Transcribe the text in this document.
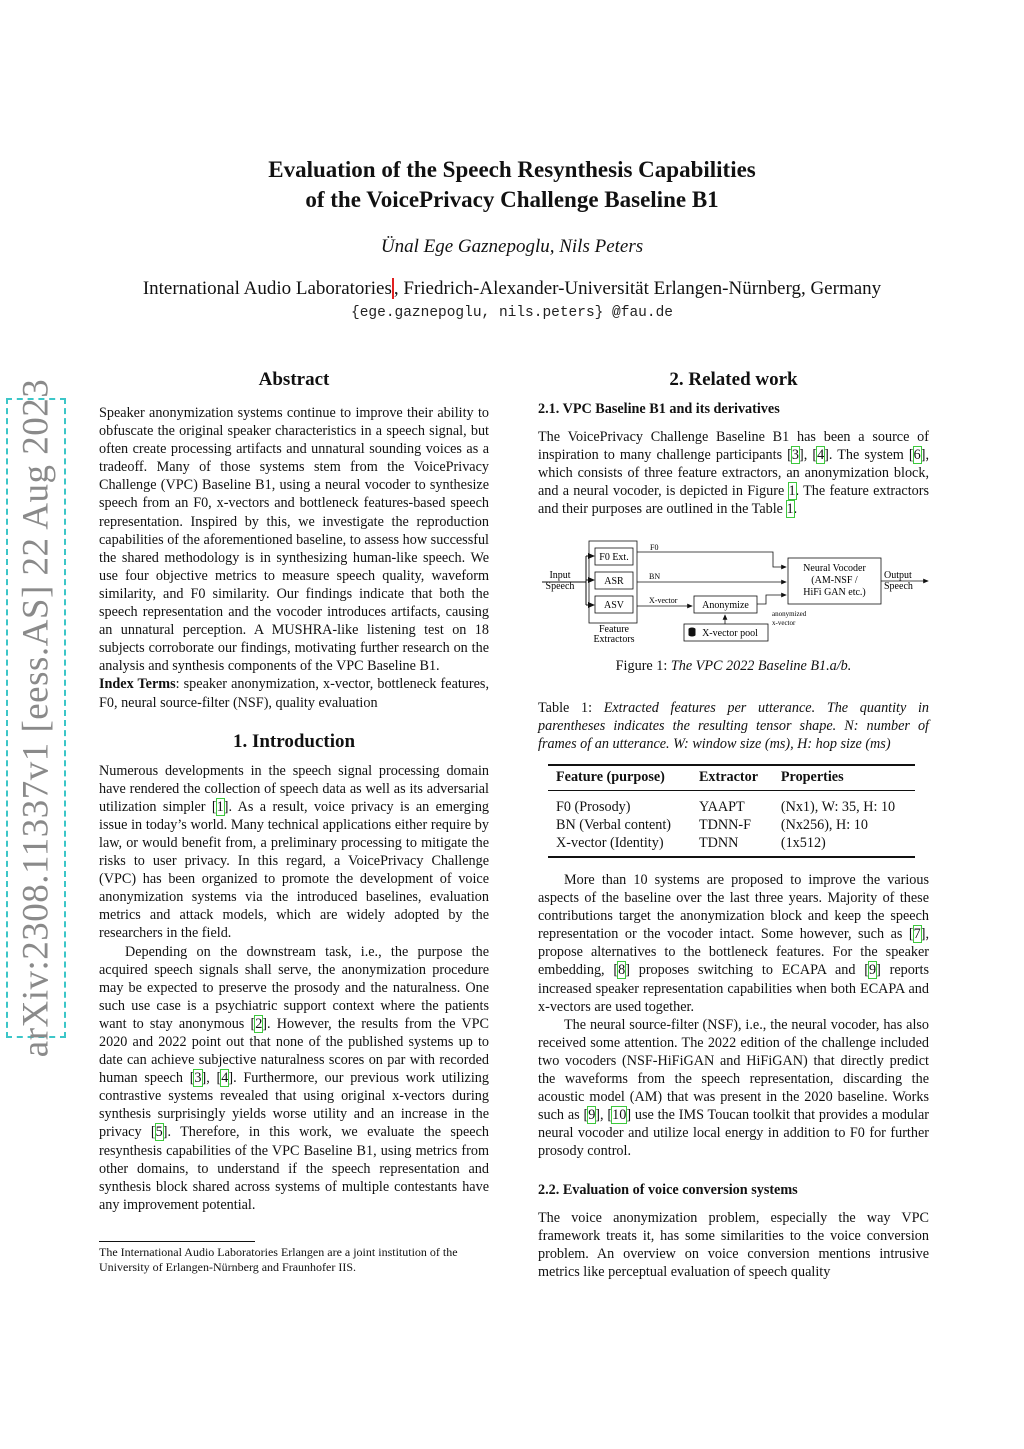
arXiv:2308.11337v1 [eess.AS] 22 Aug 2023
Evaluation of the Speech Resynthesis Capabilities
of the VoicePrivacy Challenge Baseline B1
Ünal Ege Gaznepoglu, Nils Peters
International Audio Laboratories , Friedrich-Alexander-Universität Erlangen-Nürnberg, Germany
{ege.gaznepoglu, nils.peters} @fau.de
Abstract

Speaker anonymization systems continue to improve their ability to obfuscate the original speaker characteristics in a speech signal, but often create processing artifacts and unnatural sounding voices as a tradeoff. Many of those systems stem from the VoicePrivacy Challenge (VPC) Baseline B1, using a neural vocoder to synthesize speech from an F0, x-vectors and bottleneck features-based speech representation. Inspired by this, we investigate the reproduction capabilities of the aforementioned baseline, to assess how successful the shared methodology is in synthesizing human-like speech. We use four objective metrics to measure speech quality, waveform similarity, and F0 similarity. Our findings indicate that both the speech representation and the vocoder introduces artifacts, causing an unnatural perception. A MUSHRA-like listening test on 18 subjects corroborate our findings, motivating further research on the analysis and synthesis components of the VPC Baseline B1.

Index Terms: speaker anonymization, x-vector, bottleneck features, F0, neural source-filter (NSF), quality evaluation

1. Introduction

Numerous developments in the speech signal processing domain have rendered the collection of speech data as well as its adversarial utilization simpler [1]. As a result, voice privacy is an emerging issue in today’s world. Many technical applications either require by law, or would benefit from, a preliminary processing to mitigate the risks to user privacy. In this regard, a VoicePrivacy Challenge (VPC) has been organized to promote the development of voice anonymization systems via the introduced baselines, evaluation metrics and attack models, which are widely adopted by the researchers in the field.

Depending on the downstream task, i.e., the purpose the acquired speech signals shall serve, the anonymization procedure may be expected to preserve the prosody and the naturalness. One such use case is a psychiatric support context where the patients want to stay anonymous [2]. However, the results from the VPC 2020 and 2022 point out that none of the published systems up to date can achieve subjective naturalness scores on par with recorded human speech [3], [4]. Furthermore, our previous work utilizing contrastive systems revealed that using original x-vectors during synthesis surprisingly yields worse utility and an increase in the privacy [5]. Therefore, in this work, we evaluate the speech resynthesis capabilities of the VPC Baseline B1, using metrics from other domains, to understand if the speech representation and synthesis block shared across systems of multiple contestants have any improvement potential.

The International Audio Laboratories Erlangen are a joint institution of the University of Erlangen-Nürnberg and Fraunhofer IIS.
2. Related work
2.1. VPC Baseline B1 and its derivatives

The VoicePrivacy Challenge Baseline B1 has been a source of inspiration to many challenge participants [3], [4]. The system [6], which consists of three feature extractors, an anonymization block, and a neural vocoder, is depicted in Figure 1. The feature extractors and their purposes are outlined in the Table 1.

Input
Speech
F0 Ext.
ASR
ASV
Feature
Extractors
F0
BN
X-vector Anonymize
anonymized
x-vector
X-vector pool
Neural Vocoder
(AM-NSF /
HiFi GAN etc.)
Output
Speech
Figure 1: The VPC 2022 Baseline B1.a/b.
Table 1: Extracted features per utterance. The quantity in parentheses indicates the resulting tensor shape. N: number of frames of an utterance. W: window size (ms), H: hop size (ms)
Feature (purpose)	Extractor	Properties
F0 (Prosody)	YAAPT	(Nx1), W: 35, H: 10
BN (Verbal content)	TDNN-F	(Nx256), H: 10
X-vector (Identity)	TDNN	(1x512)

More than 10 systems are proposed to improve the various aspects of the baseline over the last three years. Majority of these contributions target the anonymization block and keep the speech representation or the vocoder intact. Some however, such as [7], propose alternatives to the bottleneck features. For the speaker embedding, [8] proposes switching to ECAPA and [9] reports increased speaker representation capabilities when both ECAPA and x-vectors are used together.

The neural source-filter (NSF), i.e., the neural vocoder, has also received some attention. The 2022 edition of the challenge included two vocoders (NSF-HiFiGAN and HiFiGAN) that directly predict the waveforms from the speech representation, discarding the acoustic model (AM) that was present in the 2020 baseline. Works such as [9], [10] use the IMS Toucan toolkit that provides a modular neural vocoder and utilize local energy in addition to F0 for further prosody control.

2.2. Evaluation of voice conversion systems

The voice anonymization problem, especially the way VPC framework treats it, has some similarities to the voice conversion problem. An overview on voice conversion mentions intrusive metrics like perceptual evaluation of speech quality
